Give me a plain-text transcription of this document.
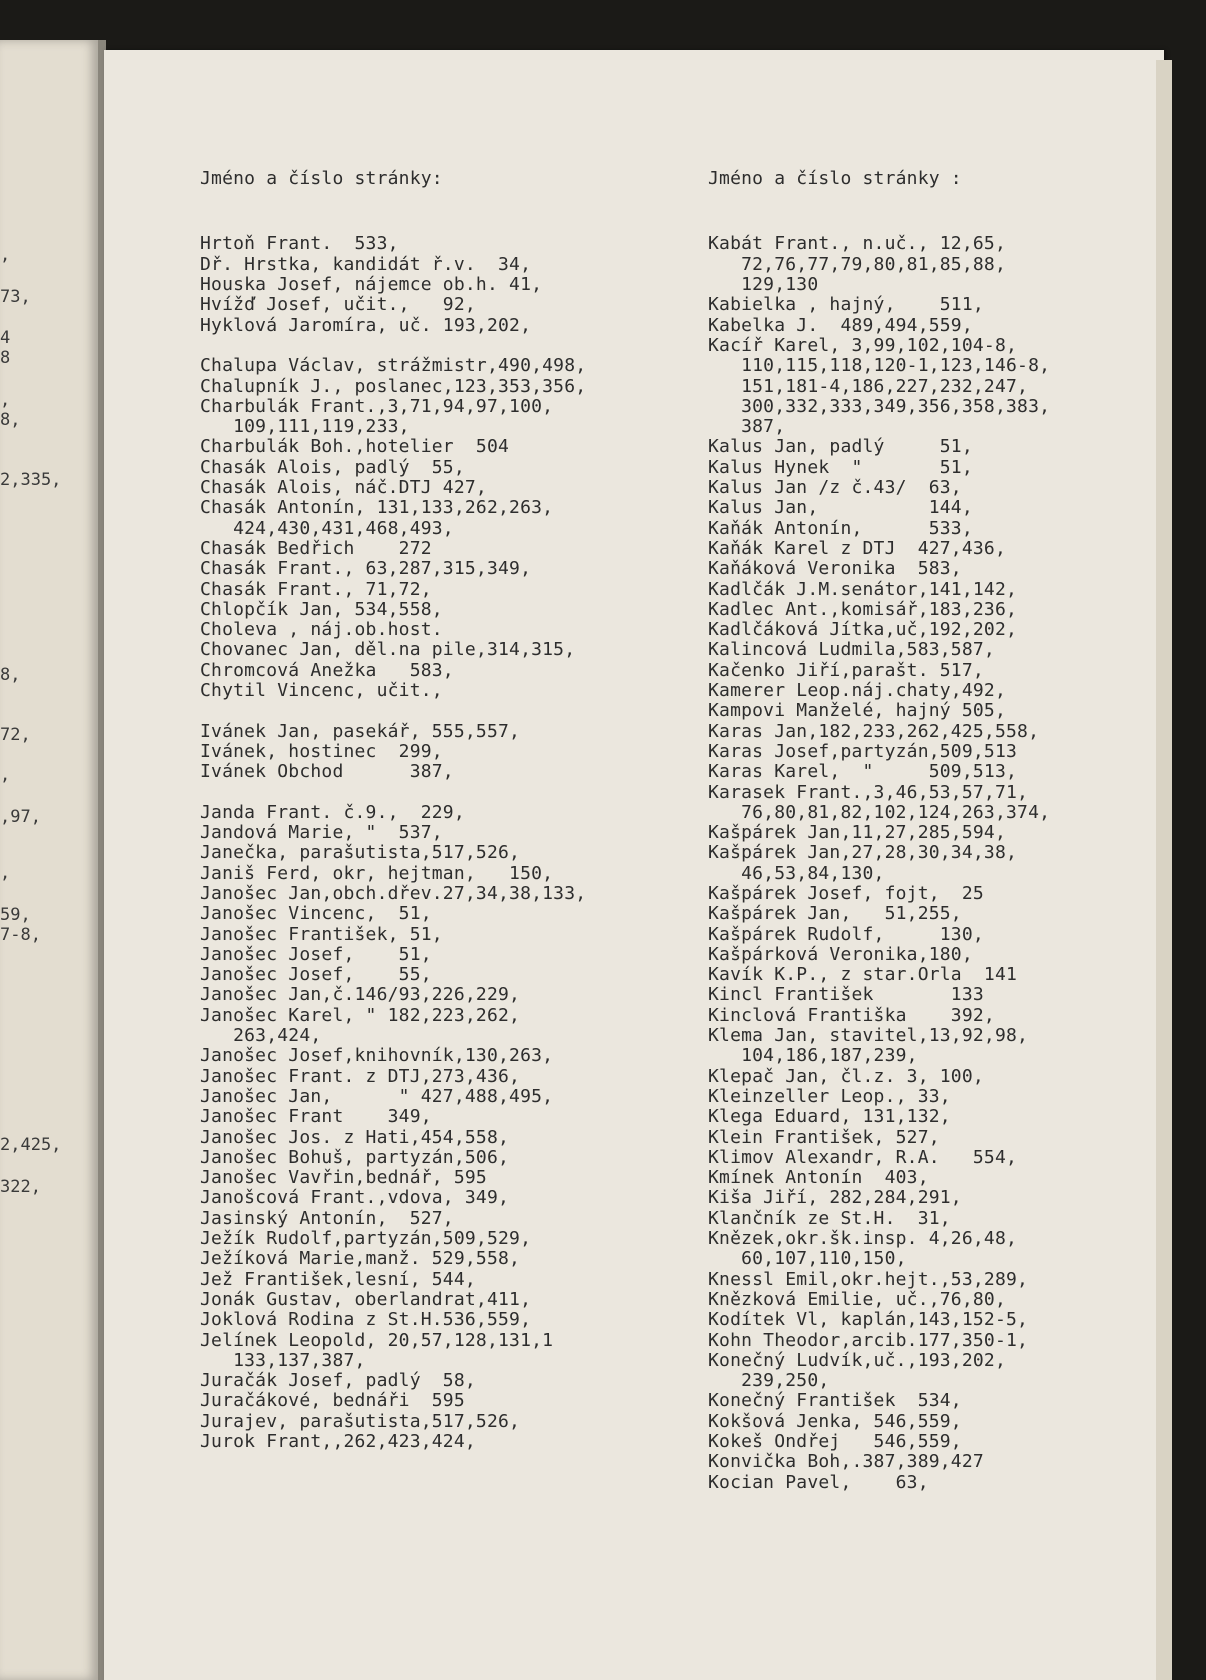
,
73,
4
8
,
8,
2,335,
8,
72,
,
,97,
,
59,
7-8,
2,425,
322,

Jméno a číslo stránky:

Hrtoň Frant.  533,
Dř. Hrstka, kandidát ř.v.  34,
Houska Josef, nájemce ob.h. 41,
Hvížď Josef, učit.,   92,
Hyklová Jaromíra, uč. 193,202,
Chalupa Václav, strážmistr,490,498,
Chalupník J., poslanec,123,353,356,
Charbulák Frant.,3,71,94,97,100,
109,111,119,233,
Charbulák Boh.,hotelier  504
Chasák Alois, padlý  55,
Chasák Alois, náč.DTJ 427,
Chasák Antonín, 131,133,262,263,
424,430,431,468,493,
Chasák Bedřich    272
Chasák Frant., 63,287,315,349,
Chasák Frant., 71,72,
Chlopčík Jan, 534,558,
Choleva , náj.ob.host.
Chovanec Jan, děl.na pile,314,315,
Chromcová Anežka   583,
Chytil Vincenc, učit.,
Ivánek Jan, pasekář, 555,557,
Ivánek, hostinec  299,
Ivánek Obchod      387,
Janda Frant. č.9.,  229,
Jandová Marie, "  537,
Janečka, parašutista,517,526,
Janiš Ferd, okr, hejtman,   150,
Janošec Jan,obch.dřev.27,34,38,133,
Janošec Vincenc,  51,
Janošec František, 51,
Janošec Josef,    51,
Janošec Josef,    55,
Janošec Jan,č.146/93,226,229,
Janošec Karel, " 182,223,262,
263,424,
Janošec Josef,knihovník,130,263,
Janošec Frant. z DTJ,273,436,
Janošec Jan,      " 427,488,495,
Janošec Frant    349,
Janošec Jos. z Hati,454,558,
Janošec Bohuš, partyzán,506,
Janošec Vavřin,bednář, 595
Janošcová Frant.,vdova, 349,
Jasinský Antonín,  527,
Ježík Rudolf,partyzán,509,529,
Ježíková Marie,manž. 529,558,
Jež František,lesní, 544,
Jonák Gustav, oberlandrat,411,
Joklová Rodina z St.H.536,559,
Jelínek Leopold, 20,57,128,131,1
133,137,387,
Juračák Josef, padlý  58,
Juračákové, bednáři  595
Jurajev, parašutista,517,526,
Jurok Frant,,262,423,424,

Jméno a číslo stránky :

Kabát Frant., n.uč., 12,65,
72,76,77,79,80,81,85,88,
129,130
Kabielka , hajný,    511,
Kabelka J.  489,494,559,
Kacíř Karel, 3,99,102,104-8,
110,115,118,120-1,123,146-8,
151,181-4,186,227,232,247,
300,332,333,349,356,358,383,
387,
Kalus Jan, padlý     51,
Kalus Hynek  "       51,
Kalus Jan /z č.43/  63,
Kalus Jan,          144,
Kaňák Antonín,      533,
Kaňák Karel z DTJ  427,436,
Kaňáková Veronika  583,
Kadlčák J.M.senátor,141,142,
Kadlec Ant.,komisář,183,236,
Kadlčáková Jítka,uč,192,202,
Kalincová Ludmila,583,587,
Kačenko Jiří,parašt. 517,
Kamerer Leop.náj.chaty,492,
Kampovi Manželé, hajný 505,
Karas Jan,182,233,262,425,558,
Karas Josef,partyzán,509,513
Karas Karel,  "     509,513,
Karasek Frant.,3,46,53,57,71,
76,80,81,82,102,124,263,374,
Kašpárek Jan,11,27,285,594,
Kašpárek Jan,27,28,30,34,38,
46,53,84,130,
Kašpárek Josef, fojt,  25
Kašpárek Jan,   51,255,
Kašpárek Rudolf,     130,
Kašpárková Veronika,180,
Kavík K.P., z star.Orla  141
Kincl František       133
Kinclová Františka    392,
Klema Jan, stavitel,13,92,98,
104,186,187,239,
Klepač Jan, čl.z. 3, 100,
Kleinzeller Leop., 33,
Klega Eduard, 131,132,
Klein František, 527,
Klimov Alexandr, R.A.   554,
Kmínek Antonín  403,
Kiša Jiří, 282,284,291,
Klančník ze St.H.  31,
Knězek,okr.šk.insp. 4,26,48,
60,107,110,150,
Knessl Emil,okr.hejt.,53,289,
Knězková Emilie, uč.,76,80,
Kodítek Vl, kaplán,143,152-5,
Kohn Theodor,arcib.177,350-1,
Konečný Ludvík,uč.,193,202,
239,250,
Konečný František  534,
Kokšová Jenka, 546,559,
Kokeš Ondřej   546,559,
Konvička Boh,.387,389,427
Kocian Pavel,    63,
